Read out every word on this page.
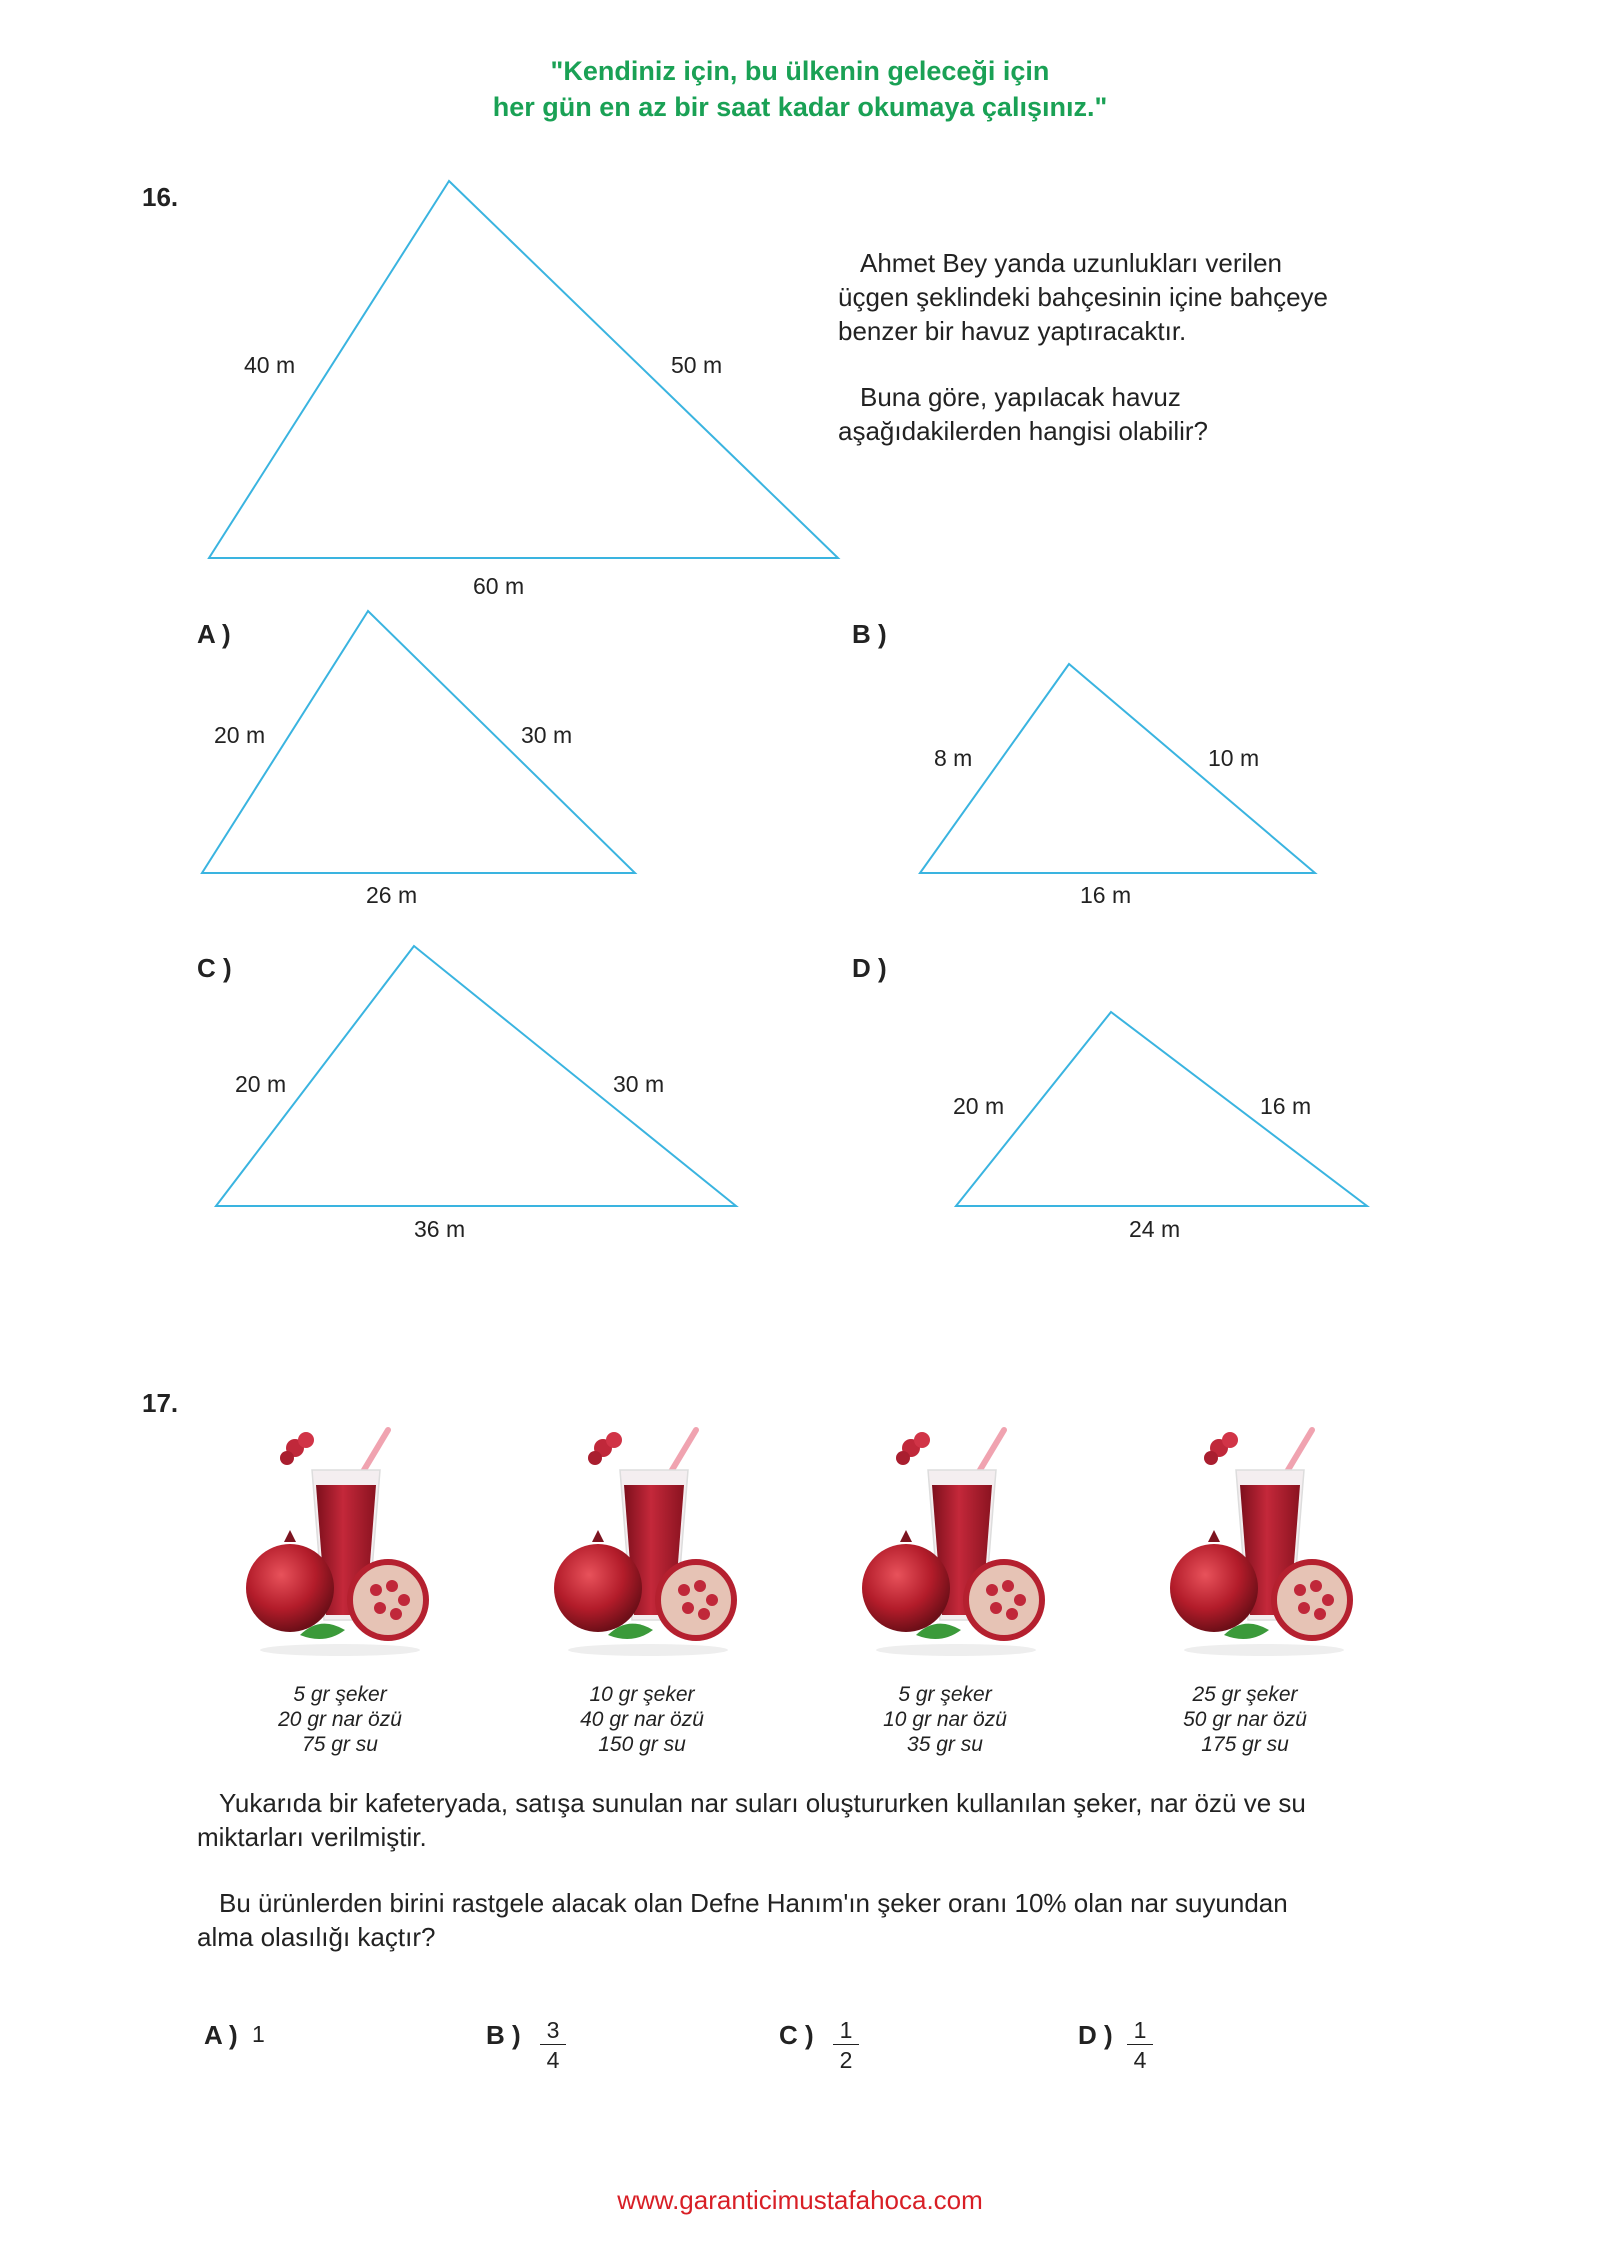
"Kendiniz için, bu ülkenin geleceği için
her gün en az bir saat kadar okumaya çalışınız."
16.
40 m	50 m
60 m
Ahmet Bey yanda uzunlukları verilen
üçgen şeklindeki bahçesinin içine bahçeye
benzer bir havuz yaptıracaktır.
Buna göre, yapılacak havuz
aşağıdakilerden hangisi olabilir?
A )
20 m	30 m
26 m
B )
8 m	10 m
16 m
C )
20 m	30 m
36 m
D )
20 m	16 m
24 m
17.
5 gr şeker
20 gr nar özü
75 gr su
10 gr şeker
40 gr nar özü
150 gr su
5 gr şeker
10 gr nar özü
35 gr su
25 gr şeker
50 gr nar özü
175 gr su
Yukarıda bir kafeteryada, satışa sunulan nar suları oluştururken kullanılan şeker, nar özü ve su
miktarları verilmiştir.
Bu ürünlerden birini rastgele alacak olan Defne Hanım'ın şeker oranı 10% olan nar suyundan
alma olasılığı kaçtır?
A ) 1	B ) $\frac{3}{4}$	C ) $\frac{1}{2}$	D ) $\frac{1}{4}$
www.garanticimustafahoca.com
